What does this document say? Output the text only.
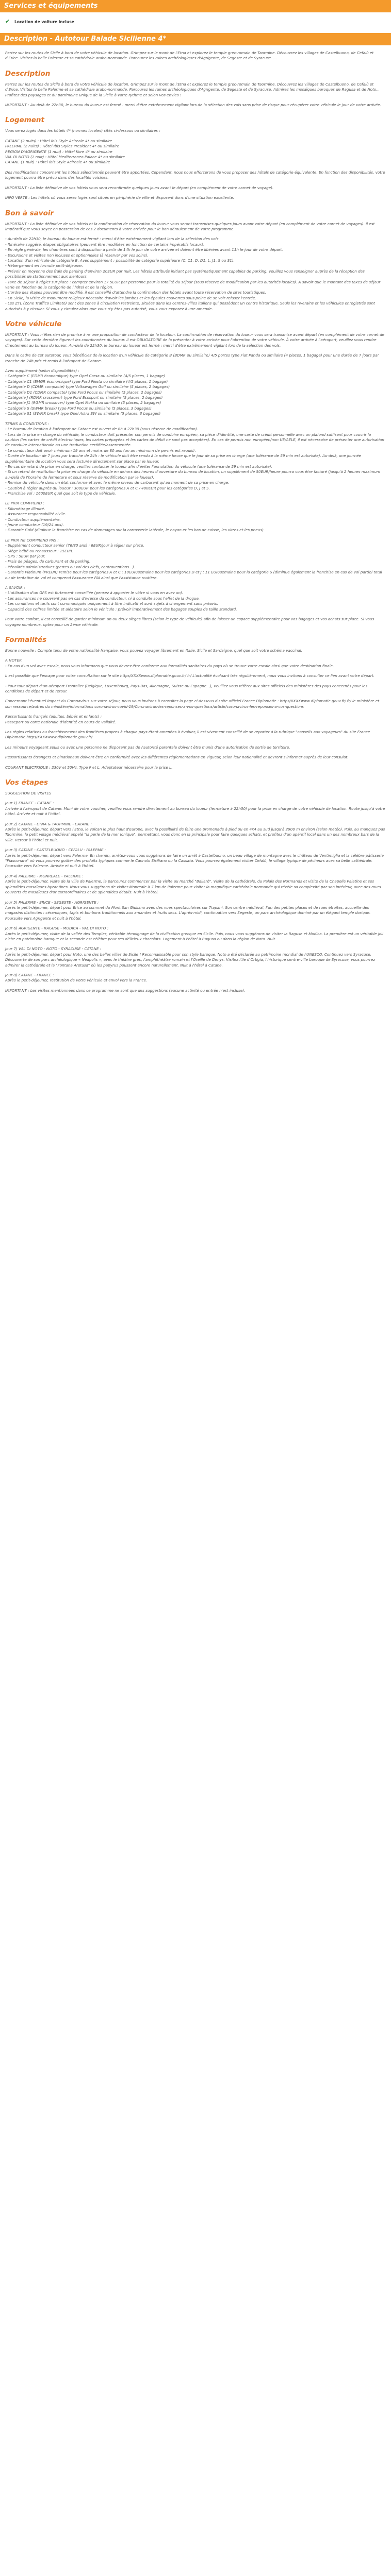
Services et équipements
✔	Location de voiture incluse
Description - Autotour Balade Sicilienne 4*

Partez sur les routes de Sicile à bord de votre véhicule de location. Grimpez sur le mont de l'Etna et explorez le temple grec-romain de Taormine. Découvrez les villages de Castelbuono, de Cefalù et d'Erice. Visitez la belle Palerme et sa cathédrale arabo-normande. Parcourez les ruines archéologiques d'Agrigente, de Segeste et de Syracuse. ...

Description

Partez sur les routes de Sicile à bord de votre véhicule de location. Grimpez sur le mont de l'Etna et explorez le temple grec-romain de Taormine. Découvrez les villages de Castelbuono, de Cefalù et d'Erice. Visitez la belle Palerme et sa cathédrale arabo-normande. Parcourez les ruines archéologiques d'Agrigente, de Segeste et de Syracuse. Admirez les mosaïques baroques de Ragusa et de Noto... Profitez des paysages et du patrimoine unique de la Sicile à votre rythme et selon vos envies !

IMPORTANT : Au-delà de 22h30, le bureau du loueur est fermé : merci d'être extrêmement vigilant lors de la sélection des vols sans prise de risque pour récupérer votre véhicule le jour de votre arrivée.

Logement

Vous serez logés dans les hôtels 4* (normes locales) cités ci-dessous ou similaires :

CATANE (2 nuits) : Hôtel Ibis Style Acireale 4* ou similaire
PALERME (2 nuits) : Hôtel Ibis Styles President 4* ou similaire
REGION D'AGRIGENTE (1 nuit) : Hôtel Kore 4* ou similaire
VAL DI NOTO (1 nuit) : Hôtel Mediterraneo Palace 4* ou similaire
CATANE (1 nuit) : Hôtel Ibis Style Acireale 4* ou similaire

Des modifications concernant les hôtels sélectionnés peuvent être apportées. Cependant, nous nous efforcerons de vous proposer des hôtels de catégorie équivalente. En fonction des disponibilités, votre logement pourra être prévu dans des localités voisines.

IMPORTANT : La liste définitive de vos hôtels vous sera reconfirmée quelques jours avant le départ (en complément de votre carnet de voyage).

INFO VERTE : Les hôtels où vous serez logés sont situés en périphérie de ville et disposent donc d'une situation excellente.

Bon à savoir

IMPORTANT : La liste définitive de vos hôtels et la confirmation de réservation du loueur vous seront transmises quelques jours avant votre départ (en complément de votre carnet de voyages). Il est impératif que vous soyez en possession de ces 2 documents à votre arrivée pour le bon déroulement de votre programme.

- Au-delà de 22h30, le bureau du loueur est fermé : merci d'être extrêmement vigilant lors de la sélection des vols.
- Itinéraire suggéré, étapes obligatoires (peuvent être modifiées en fonction de certains impératifs locaux).
- En règle générale, les chambres sont à disposition à partir de 14h le jour de votre arrivée et doivent être libérées avant 11h le jour de votre départ.
- Excursions et visites non incluses et optionnelles (à réserver par vos soins).
- Location d'un véhicule de catégorie B. Avec supplément : possibilité de catégorie supérieure (C, C1, D, D1, L, J1, S ou S1).
- Hébergement en formule petit-déjeuner.
- Prévoir en moyenne des frais de parking d'environ 20EUR par nuit. Les hôtels attribués initiant pas systématiquement capables de parking, veuillez vous renseigner auprès de la réception des possibilités de stationnement aux alentours.
- Taxe de séjour à régler sur place : compter environ 17.5EUR par personne pour la totalité du séjour (sous réserve de modification par les autorités locales). À savoir que le montant des taxes de séjour varie en fonction de la catégorie de l'hôtel et de la région.
- L'ordre des étapes pouvant être modifié, il est conseillé d'attendre la confirmation des hôtels avant toute réservation de sites touristiques.
- En Sicile, la visite de monument religieux nécessite d'avoir les jambes et les épaules couvertes sous peine de se voir refuser l'entrée.
- Les ZTL (Zone Traffico Limitato) sont des zones à circulation restreinte, situées dans les centres-villes italiens qui possèdent un centre historique. Seuls les riverains et les véhicules enregistrés sont autorisés à y circuler. Si vous y circulez alors que vous n'y êtes pas autorisé, vous vous exposez à une amende.

Votre véhicule

IMPORTANT : Vous n'êtes rien de promise à re une proposition de conducteur de la location. La confirmation de réservation du loueur vous sera transmise avant départ (en complément de votre carnet de voyages). Sur cette dernière figurent les coordonnées du loueur. Il est OBLIGATOIRE de la présenter à votre arrivée pour l'obtention de votre véhicule. À votre arrivée à l'aéroport, veuillez vous rendre directement au bureau du loueur. Au-delà de 22h30, le bureau du loueur est fermé : merci d'être extrêmement vigilant lors de la sélection des vols.

Dans le cadre de cet autotour, vous bénéficiez de la location d'un véhicule de catégorie B (BDMR ou similaire) 4/5 portes type Fiat Panda ou similaire (4 places, 1 bagage) pour une durée de 7 jours par tranche de 24h pris et remis à l'aéroport de Catane.

Avec supplément (selon disponibilités) :
- Catégorie C (EDMR économique) type Opel Corsa ou similaire (4/5 places, 1 bagage)
- Catégorie C1 (EMGR économique) type Ford Fiesta ou similaire (4/5 places, 1 bagage)
- Catégorie D (CDMR compacte) type Volkswagen Golf ou similaire (5 places, 2 bagages)
- Catégorie D1 (CDMR compacte) type Ford Focus ou similaire (5 places, 2 bagages)
- Catégorie J (RDMR crossover) type Ford Ecosport ou similaire (5 places, 2 bagages)
- Catégorie J1 (RGMR crossover) type Opel Mokka ou similaire (5 places, 2 bagages)
- Catégorie S (SWMR break) type Ford Focus ou similaire (5 places, 3 bagages)
- Catégorie S1 (SWMR break) type Opel Astra SW ou similaire (5 places, 3 bagages)

TERMS & CONDITIONS :
- Le bureau de location à l'aéroport de Catane est ouvert de 8h à 22h30 (sous réserve de modification).
- Lors de la prise en charge du véhicule, le conducteur doit présenter son permis de conduire européen, sa pièce d'identité, une carte de crédit personnelle avec un plafond suffisant pour couvrir la caution (les cartes de crédit électroniques, les cartes prépayées et les cartes de débit ne sont pas acceptées). En cas de permis non européen/non UE/AELE, il est nécessaire de présenter une autorisation de conduire internationale ou une traduction certifiée/assermentée.
- Le conducteur doit avoir minimum 19 ans et moins de 80 ans (un an minimum de permis est requis).
- Durée de location de 7 jours par tranche de 24h : le véhicule doit être rendu à la même heure que le jour de sa prise en charge (une tolérance de 59 min est autorisée). Au-delà, une journée supplémentaire de location vous sera facturée directement sur place par le loueur.
- En cas de retard de prise en charge, veuillez contacter le loueur afin d'éviter l'annulation du véhicule (une tolérance de 59 min est autorisée).
- Si un retard de restitution la prise en charge du véhicule en dehors des heures d'ouverture du bureau de location, un supplément de 50EUR/heure pourra vous être facturé (jusqu'à 2 heures maximum au-delà de l'horaire de fermeture et sous réserve de modification par le loueur).
- Remise du véhicule dans un état conforme et avec le même niveau de carburant qu'au moment de sa prise en charge.
- Caution à régler auprès du loueur : 300EUR pour les catégories A et C / 400EUR pour les catégories D, J et S.
- Franchise vol : 1600EUR quel que soit le type de véhicule.

LE PRIX COMPREND :
- Kilométrage illimité.
- Assurance responsabilité civile.
- Conducteur supplémentaire.
- Jeune conducteur (19/24 ans).
- Garantie Gold (diminue la franchise en cas de dommages sur la carrosserie latérale, le hayon et les bas de caisse, les vitres et les pneus).

LE PRIX NE COMPREND PAS :
- Supplément conducteur senior (76/80 ans) : 6EUR/jour à régler sur place.
- Siège bébé ou rehausseur : 15EUR.
- GPS : 5EUR par jour.
- Frais de péages, de carburant et de parking.
- Pénalités administratives (pertes ou vol des clefs, contraventions...).
- Garantie Platinum (PREUR) remise pour les catégories A et C : 10EUR/semaine pour les catégories D et J ; 11 EUR/semaine pour la catégorie S (diminue également la franchise en cas de vol partiel total ou de tentative de vol et comprend l'assurance PAI ainsi que l'assistance routière.

A SAVOIR :
- L'utilisation d'un GPS est fortement conseillée (pensez à apporter le vôtre si vous en avez un).
- Les assurances ne couvrent pas en cas d'ivresse du conducteur, ni à conduite sous l'effet de la drogue.
- Les conditions et tarifs sont communiqués uniquement à titre indicatif et sont sujets à changement sans préavis.
- Capacité des coffres limitée et aléatoire selon le véhicule : prévoir impérativement des bagages souples de taille standard.

Pour votre confort, il est conseillé de garder minimum un ou deux sièges libres (selon le type de véhicule) afin de laisser un espace supplémentaire pour vos bagages et vos achats sur place. Si vous voyagez nombreux, optez pour un 2ème véhicule.

Formalités

Bonne nouvelle : Compte tenu de votre nationalité française, vous pouvez voyager librement en Italie, Sicile et Sardaigne, quel que soit votre schéma vaccinal.

A NOTER
- En cas d'un vol avec escale, nous vous informons que vous devrez être conforme aux formalités sanitaires du pays où se trouve votre escale ainsi que votre destination finale.

Il est possible que l'escape pour votre consultation sur le site https/XXXXwww.diplomatie.gouv.fr/ fr/ L'actualité évoluant très régulièrement, nous vous invitons à consulter ce lien avant votre départ.

- Pour tout départ d'un aéroport Frontalier (Belgique, Luxembourg, Pays-Bas, Allemagne, Suisse ou Espagne...), veuillez vous référer aux sites officiels des ministères des pays concernés pour les conditions de départ et de retour.

Concernant l'éventuel impact du Coronavirus sur votre séjour, nous vous invitons à consulter la page ci-dessous du site officiel France Diplomatie : https/XXXXwww.diplomatie.gouv.fr/ fr/ le ministère et son ressource/autres du ministère/informations coronavirus-covid-19/Coronavirus-les-reponses-a-vos-questions/article/coronavirus-les-reponses-a-vos-questions

Ressortissants français (adultes, bébés et enfants) :
Passeport ou carte nationale d'identité en cours de validité.

Les règles relatives au franchissement des frontières propres à chaque pays étant amenées à évoluer, il est vivement conseillé de se reporter à la rubrique "conseils aux voyageurs" du site France Diplomatie.https/XXXXwww.diplomatie.gouv.fr/

Les mineurs voyageant seuls ou avec une personne ne disposant pas de l'autorité parentale doivent être munis d'une autorisation de sortie de territoire.

Ressortissants étrangers et binationaux doivent être en conformité avec les différentes réglementations en vigueur, selon leur nationalité et devront s'informer auprès de leur consulat.

COURANT ELECTRIQUE : 230V et 50Hz. Type F et L. Adaptateur nécessaire pour la prise L.

Vos étapes

SUGGESTION DE VISITES

Jour 1) FRANCE - CATANE :
Arrivée à l'aéroport de Catane. Muni de votre voucher, veuillez vous rendre directement au bureau du loueur (fermeture à 22h30) pour la prise en charge de votre véhicule de location. Route jusqu'à votre hôtel. Arrivée et nuit à l'hôtel.

Jour 2) CATANE - ETNA & TAORMINE - CATANE :
Après le petit-déjeuner, départ vers l'Etna, le volcan le plus haut d'Europe, avec la possibilité de faire une promenade à pied ou en 4x4 au sud jusqu'à 2900 m environ (selon météo). Puis, au manquez pas Taormine, la petit village médiéval appelé "la perle de la mer Ionique", permettant, vous donc en la principale pour faire quelques achats, et profitez d'un apéritif local dans un des nombreux bars de la ville. Retour à l'hôtel et nuit.

Jour 3) CATANE - CASTELBUONO - CEFALU - PALERME :
Après le petit-déjeuner, départ vers Palerme. En chemin, arrêtez-vous vous suggérons de faire un arrêt à Castelbuono, un beau village de montagne avec le château de Ventimiglia et la célèbre pâtisserie "Fiasconaro" où vous pourrez goûter des produits typiques comme le Cannolo Siciliano ou la Cassata. Vous pourrez également visiter Cefalù, le village typique de pêcheurs avec sa belle cathédrale. Poursuite vers Palerme. Arrivée et nuit à l'hôtel.

Jour 4) PALERME - MONREALE - PALERME :
Après le petit-déjeuner, visite de la ville de Palerme, la parcourez commencer par la visite au marché "Ballarò". Visite de la cathédrale, du Palais des Normands et visite de la Chapelle Palatine et ses splendides mosaïques byzantines. Nous vous suggérons de visiter Monreale à 7 km de Palerme pour visiter la magnifique cathédrale normande qui révèle sa complexité par son intérieur, avec des murs couverts de mosaïques d'or extraordinaires et de splendides détails. Nuit à l'hôtel.

Jour 5) PALERME - ERICE - SEGESTE - AGRIGENTE :
Après le petit-déjeuner, départ pour Erice au sommet du Mont San Giuliano avec des vues spectaculaires sur Trapani. Son centre médiéval, l'un des petites places et de rues étroites, accueille des magasins distinctes : céramiques, tapis et bonbons traditionnels aux amandes et fruits secs. L'après-midi, continuation vers Segeste, un parc archéologique dominé par un élégant temple dorique. Poursuite vers Agrigente et nuit à l'hôtel.

Jour 6) AGRIGENTE - RAGUSE - MODICA - VAL DI NOTO :
Après le petit-déjeuner, visite de la vallée des Temples, véritable témoignage de la civilisation grecque en Sicile. Puis, nous vous suggérons de visiter la Raguse et Modica. La première est un véritable joli niche en patrimoine baroque et la seconde est célèbre pour ses délicieux chocolats. Logement à l'hôtel à Ragusa ou dans la région de Noto. Nuit.

Jour 7) VAL DI NOTO - NOTO - SYRACUSE - CATANE :
Après le petit-déjeuner, départ pour Noto, une des belles villes de Sicile ! Reconnaissable pour son style baroque, Noto a été déclarée au patrimoine mondial de l'UNESCO. Continuez vers Syracuse. Découverte de son parc archéologique « Neapolis », avec le théâtre grec, l'amphithéâtre romain et l'Oreille de Denys. Visitez l'île d'Ortigia, l'historique centre-ville baroque de Syracuse, vous pourrez admirer la cathédrale et la "Fontana Aretusa" où les papyrus poussent encore naturellement. Nuit à l'hôtel à Catane.

Jour 8) CATANE - FRANCE :
Après le petit-déjeuner, restitution de votre véhicule et envol vers la France.

IMPORTANT : Les visites mentionnées dans ce programme ne sont que des suggestions (aucune activité ou entrée n'est incluse).
